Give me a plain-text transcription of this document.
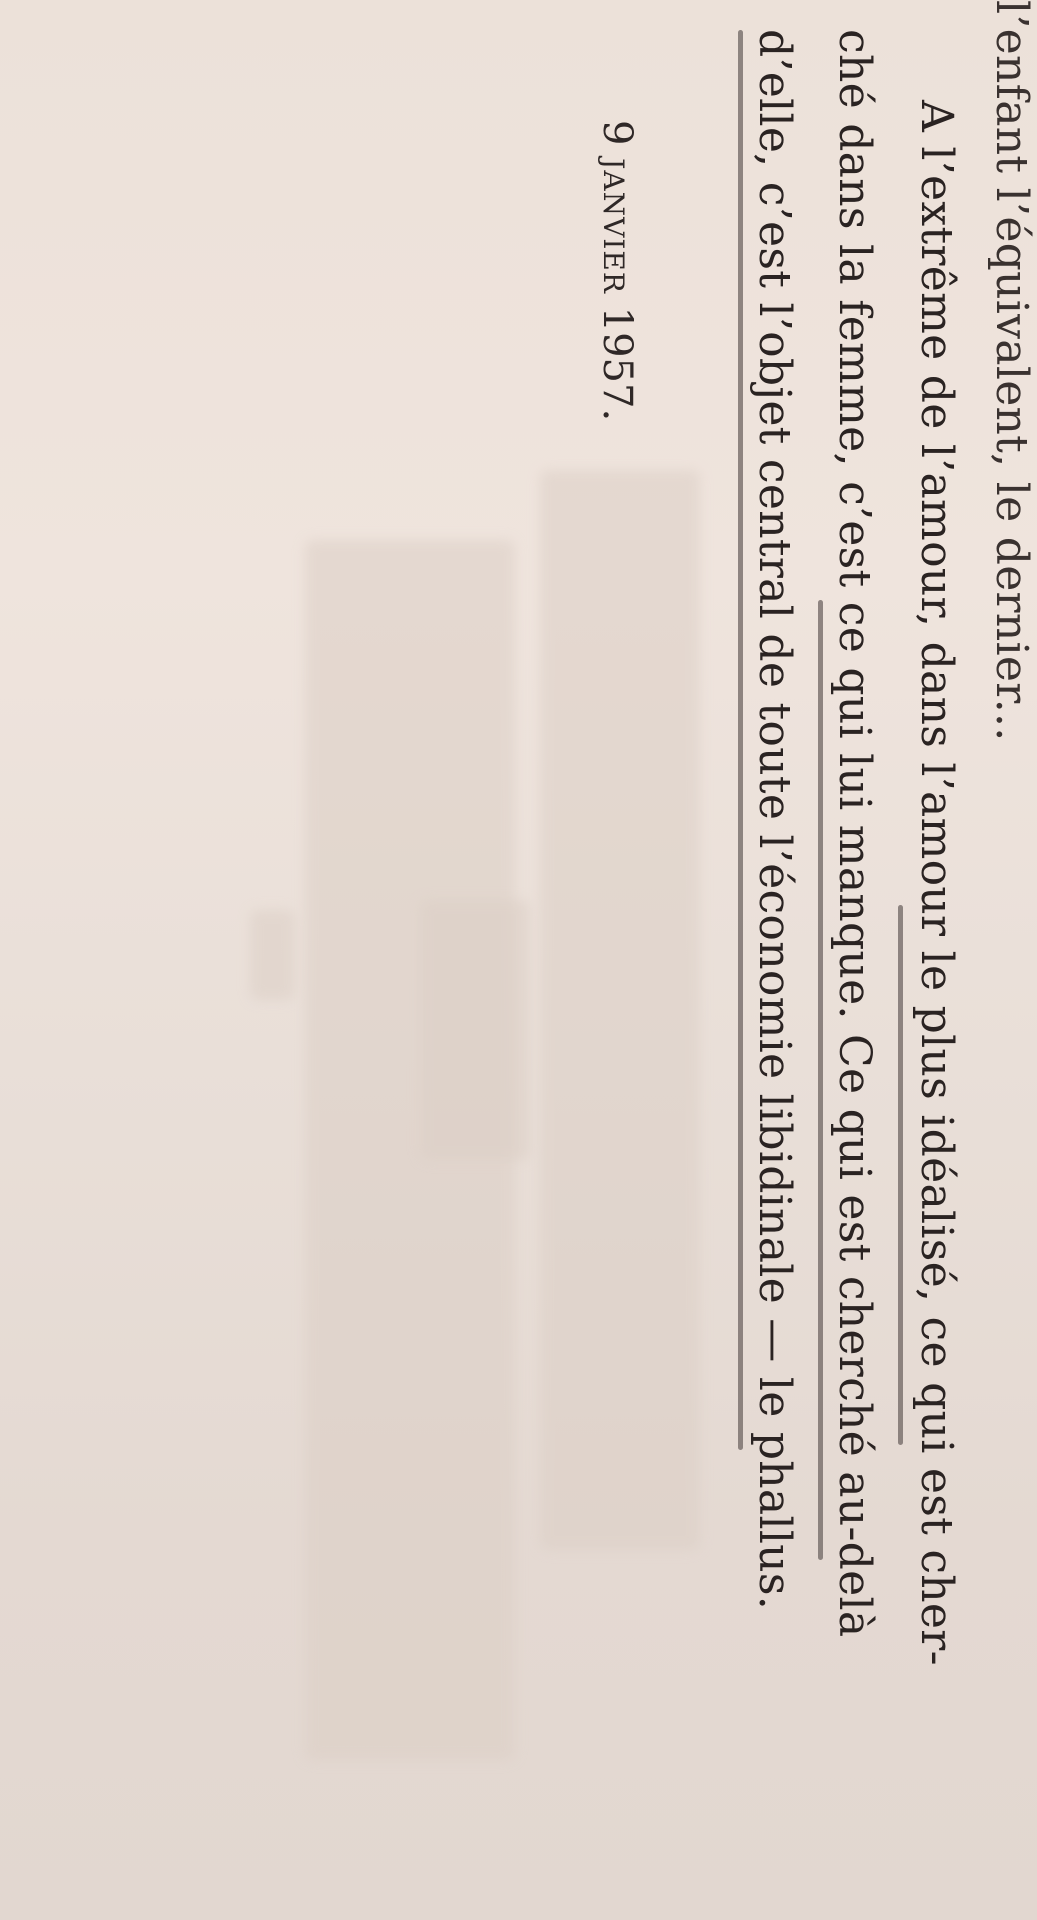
l’enfant l’équivalent, le dernier...
A l’extrême de l’amour, dans l’amour le plus idéalisé, ce qui est cher-
ché dans la femme, c’est ce qui lui manque. Ce qui est cherché au-delà
d’elle, c’est l’objet central de toute l’économie libidinale — le phallus.
9 janvier 1957.
